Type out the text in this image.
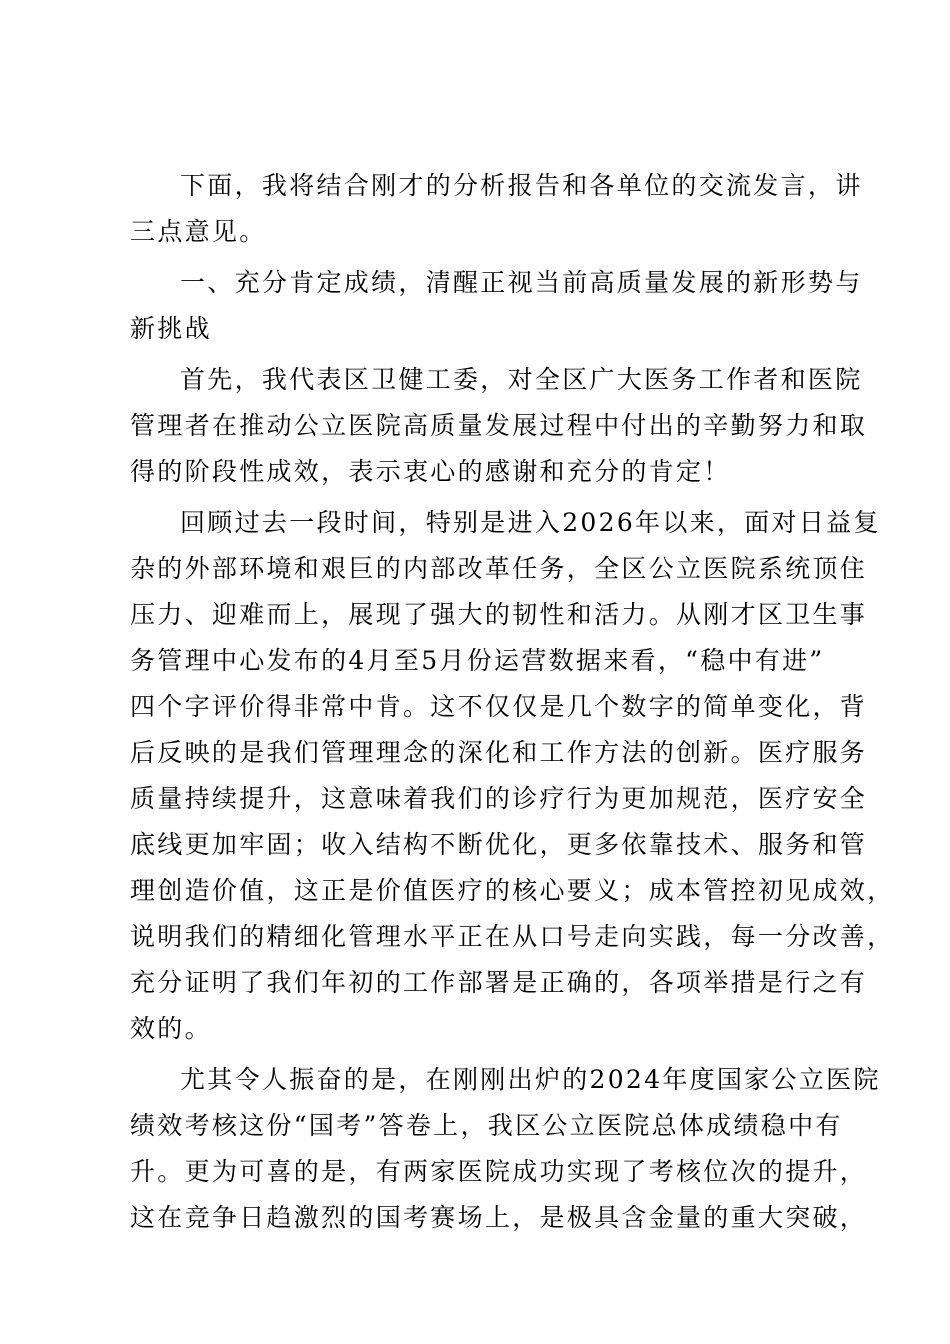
下面，我将结合刚才的分析报告和各单位的交流发言，讲
三点意见。
一、充分肯定成绩，清醒正视当前高质量发展的新形势与
新挑战
首先，我代表区卫健工委，对全区广大医务工作者和医院
管理者在推动公立医院高质量发展过程中付出的辛勤努力和取
得的阶段性成效，表示衷心的感谢和充分的肯定！
回顾过去一段时间，特别是进入2026年以来，面对日益复
杂的外部环境和艰巨的内部改革任务，全区公立医院系统顶住
压力、迎难而上，展现了强大的韧性和活力。从刚才区卫生事
务管理中心发布的4月至5月份运营数据来看，“稳中有进”
四个字评价得非常中肯。这不仅仅是几个数字的简单变化，背
后反映的是我们管理理念的深化和工作方法的创新。医疗服务
质量持续提升，这意味着我们的诊疗行为更加规范，医疗安全
底线更加牢固；收入结构不断优化，更多依靠技术、服务和管
理创造价值，这正是价值医疗的核心要义；成本管控初见成效，
说明我们的精细化管理水平正在从口号走向实践，每一分改善，
充分证明了我们年初的工作部署是正确的，各项举措是行之有
效的。
尤其令人振奋的是，在刚刚出炉的2024年度国家公立医院
绩效考核这份“国考”答卷上，我区公立医院总体成绩稳中有
升。更为可喜的是，有两家医院成功实现了考核位次的提升，
这在竞争日趋激烈的国考赛场上，是极具含金量的重大突破，
